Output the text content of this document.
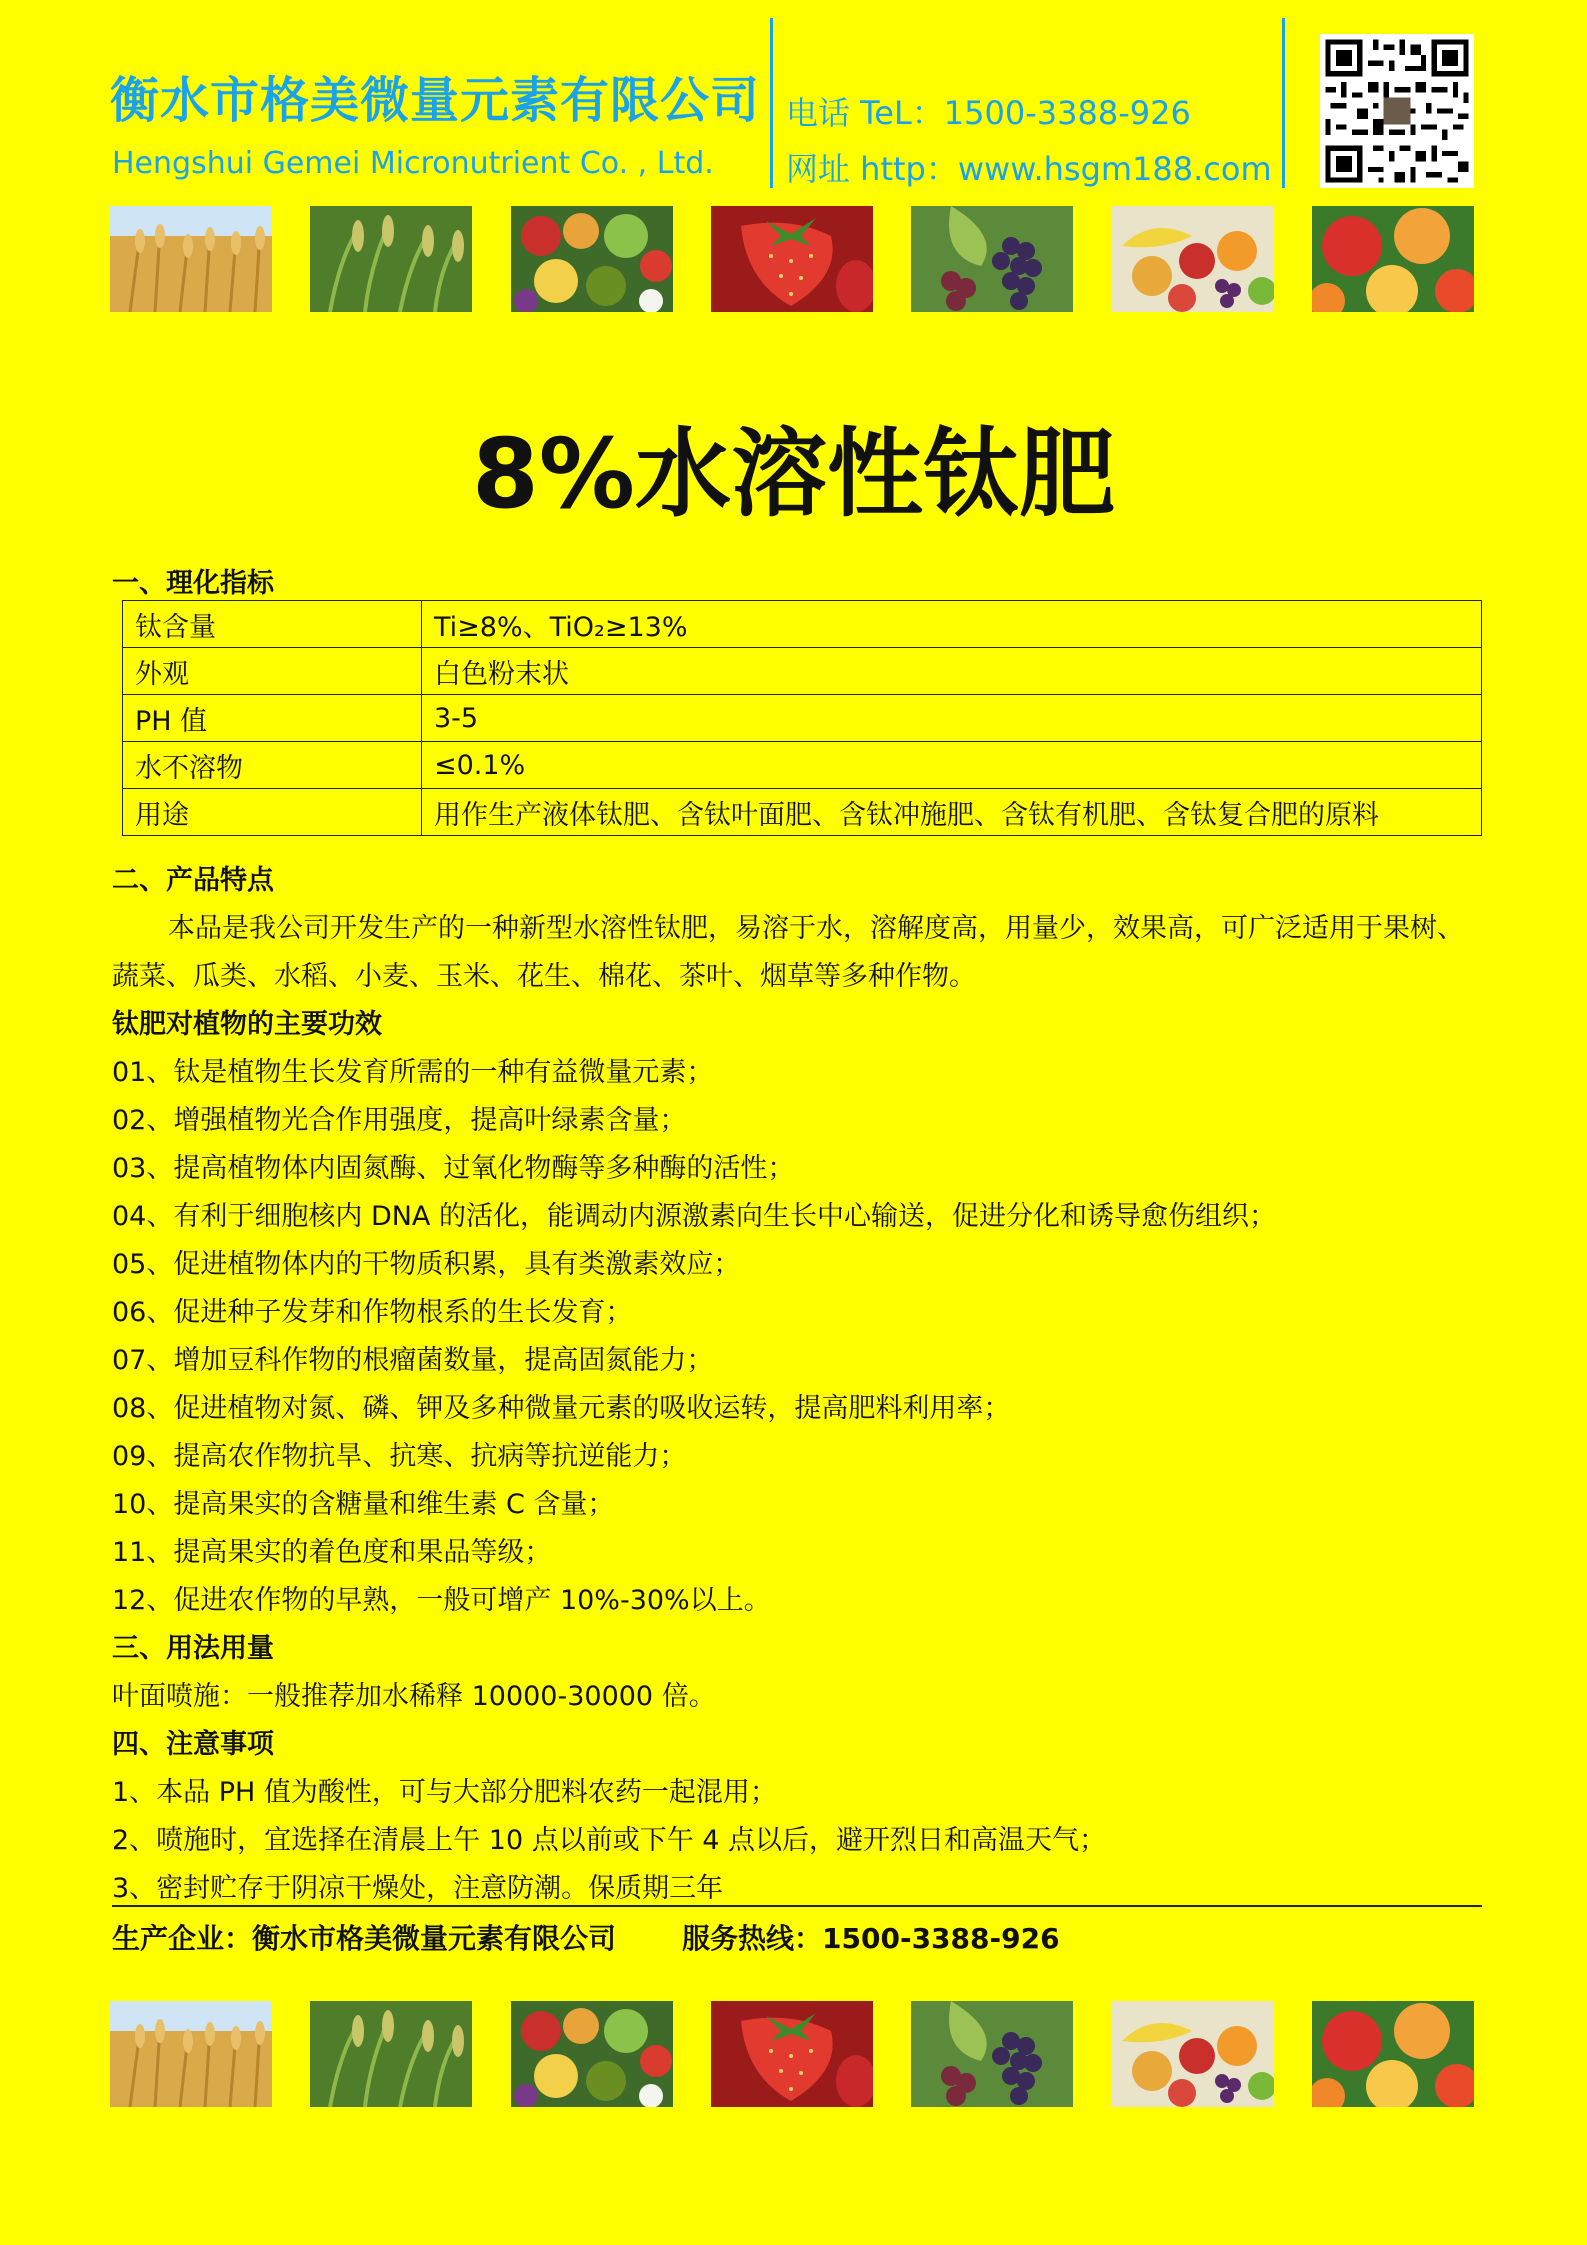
衡水市格美微量元素有限公司
Hengshui Gemei Micronutrient Co. , Ltd.
电话 TeL：1500-3388-926
网址 http：www.hsgm188.com
8%水溶性钛肥
一、理化指标
钛含量	Ti≥8%、TiO₂≥13%
外观	白色粉末状
PH 值	3-5
水不溶物	≤0.1%
用途	用作生产液体钛肥、含钛叶面肥、含钛冲施肥、含钛有机肥、含钛复合肥的原料
二、产品特点
本品是我公司开发生产的一种新型水溶性钛肥，易溶于水，溶解度高，用量少，效果高，可广泛适用于果树、
蔬菜、瓜类、水稻、小麦、玉米、花生、棉花、茶叶、烟草等多种作物。
钛肥对植物的主要功效
01、钛是植物生长发育所需的一种有益微量元素；
02、增强植物光合作用强度，提高叶绿素含量；
03、提高植物体内固氮酶、过氧化物酶等多种酶的活性；
04、有利于细胞核内 DNA 的活化，能调动内源激素向生长中心输送，促进分化和诱导愈伤组织；
05、促进植物体内的干物质积累，具有类激素效应；
06、促进种子发芽和作物根系的生长发育；
07、增加豆科作物的根瘤菌数量，提高固氮能力；
08、促进植物对氮、磷、钾及多种微量元素的吸收运转，提高肥料利用率；
09、提高农作物抗旱、抗寒、抗病等抗逆能力；
10、提高果实的含糖量和维生素 C 含量；
11、提高果实的着色度和果品等级；
12、促进农作物的早熟，一般可增产 10%-30%以上。
三、用法用量
叶面喷施：一般推荐加水稀释 10000-30000 倍。
四、注意事项
1、本品 PH 值为酸性，可与大部分肥料农药一起混用；
2、喷施时，宜选择在清晨上午 10 点以前或下午 4 点以后，避开烈日和高温天气；
3、密封贮存于阴凉干燥处，注意防潮。保质期三年
生产企业：衡水市格美微量元素有限公司 服务热线：1500-3388-926
